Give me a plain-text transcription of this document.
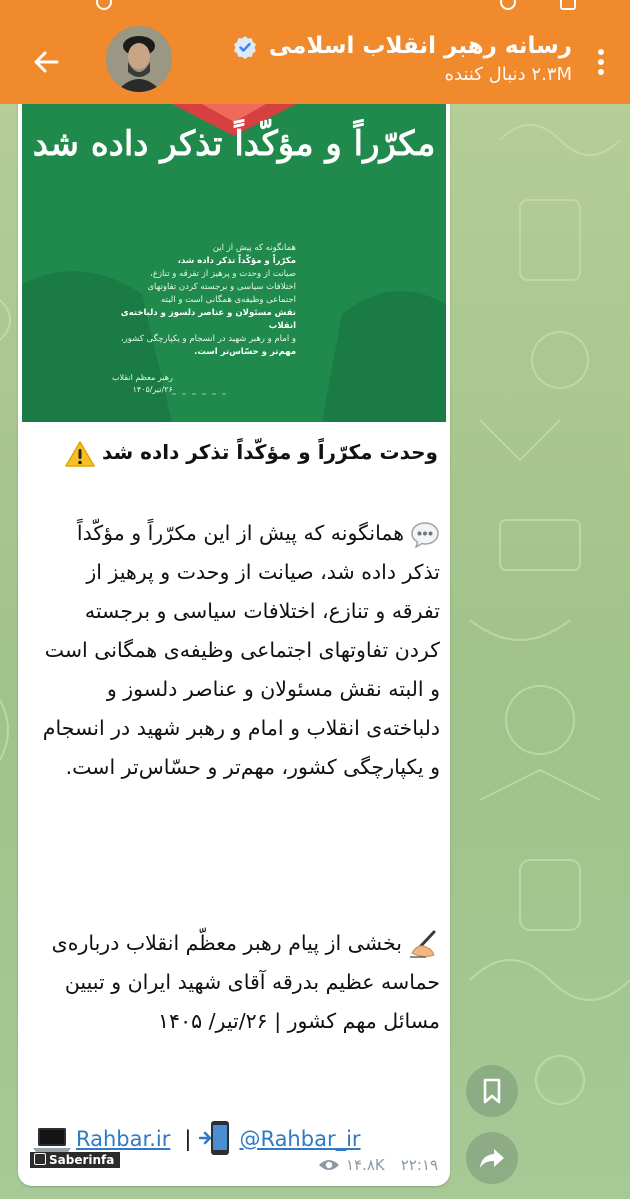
رسانه رهبر انقلاب اسلامی
۲.۳M دنبال کننده
مکرّراً و مؤکّداً تذکر داده شد
همانگونه که پیش از این
مکرّراً و مؤکّداً تذکر داده شد،
صیانت از وحدت و پرهیز از تفرقه و تنازع،
اختلافات سیاسی و برجسته کردن تفاوتهای
اجتماعی وظیفه‌ی همگانی است و البته
نقش مسئولان و عناصر دلسوز و دلباخته‌ی انقلاب
و امام و رهبر شهید در انسجام و یکپارچگی کشور،
مهم‌تر و حسّاس‌تر است.
رهبر معظم انقلاب
۲۶/تیر/۱۴۰۵
وحدت مکرّراً و مؤکّداً تذکر داده شد
همانگونه که پیش از این مکرّراً و مؤکّداً تذکر داده شد، صیانت از وحدت و پرهیز از تفرقه و تنازع، اختلافات سیاسی و برجسته کردن تفاوتهای اجتماعی وظیفه‌ی همگانی است و البته نقش مسئولان و عناصر دلسوز و دلباخته‌ی انقلاب و امام و رهبر شهید در انسجام و یکپارچگی کشور، مهم‌تر و حسّاس‌تر است.
بخشی از پیام رهبر معظّم انقلاب درباره‌ی حماسه عظیم بدرقه آقای شهید ایران و تبیین مسائل مهم کشور | ۲۶/تیر/ ۱۴۰۵
Rahbar.ir | @Rahbar_ir
۱۴.۸K ۲۲:۱۹
Saberinfa
